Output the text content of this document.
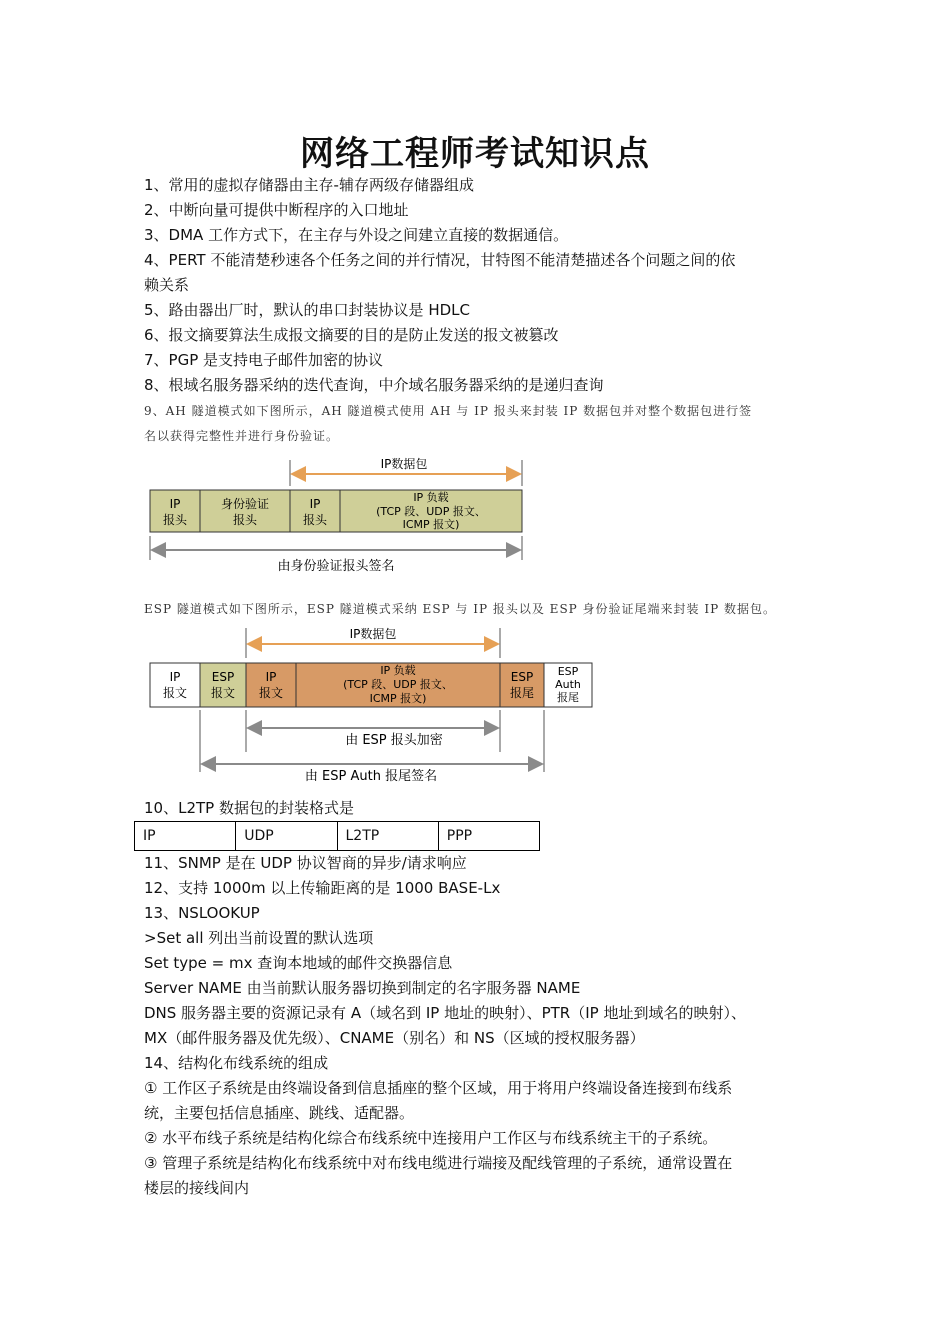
网络工程师考试知识点
1、常用的虚拟存储器由主存-辅存两级存储器组成
2、中断向量可提供中断程序的入口地址
3、DMA 工作方式下，在主存与外设之间建立直接的数据通信。
4、PERT 不能清楚秒速各个任务之间的并行情况，甘特图不能清楚描述各个问题之间的依
赖关系
5、路由器出厂时，默认的串口封装协议是 HDLC
6、报文摘要算法生成报文摘要的目的是防止发送的报文被篡改
7、PGP 是支持电子邮件加密的协议
8、根域名服务器采纳的迭代查询，中介域名服务器采纳的是递归查询
9、AH 隧道模式如下图所示，AH 隧道模式使用 AH 与 IP 报头来封装 IP 数据包并对整个数据包进行签
名以获得完整性并进行身份验证。
IP数据包
IP 报头
身份验证报头
IP 报头
IP 负载(TCP 段、UDP 报文、 ICMP 报文)
由身份验证报头签名
ESP 隧道模式如下图所示，ESP 隧道模式采纳 ESP 与 IP 报头以及 ESP 身份验证尾端来封装 IP 数据包。
IP数据包
IP 报文
ESP 报文
IP 报文
IP 负载(TCP 段、UDP 报文、 ICMP 报文)
ESP 报尾
ESP Auth 报尾
由 ESP 报头加密
由 ESP Auth 报尾签名
10、L2TP 数据包的封装格式是
IP	UDP	L2TP	PPP
11、SNMP 是在 UDP 协议智商的异步/请求响应
12、支持 1000m 以上传输距离的是 1000 BASE-Lx
13、NSLOOKUP
>Set all 列出当前设置的默认选项
Set type = mx 查询本地域的邮件交换器信息
Server NAME 由当前默认服务器切换到制定的名字服务器 NAME
DNS 服务器主要的资源记录有 A（域名到 IP 地址的映射）、PTR（IP 地址到域名的映射）、
MX（邮件服务器及优先级）、CNAME（别名）和 NS（区域的授权服务器）
14、结构化布线系统的组成
① 工作区子系统是由终端设备到信息插座的整个区域，用于将用户终端设备连接到布线系
统，主要包括信息插座、跳线、适配器。
② 水平布线子系统是结构化综合布线系统中连接用户工作区与布线系统主干的子系统。
③ 管理子系统是结构化布线系统中对布线电缆进行端接及配线管理的子系统，通常设置在
楼层的接线间内
